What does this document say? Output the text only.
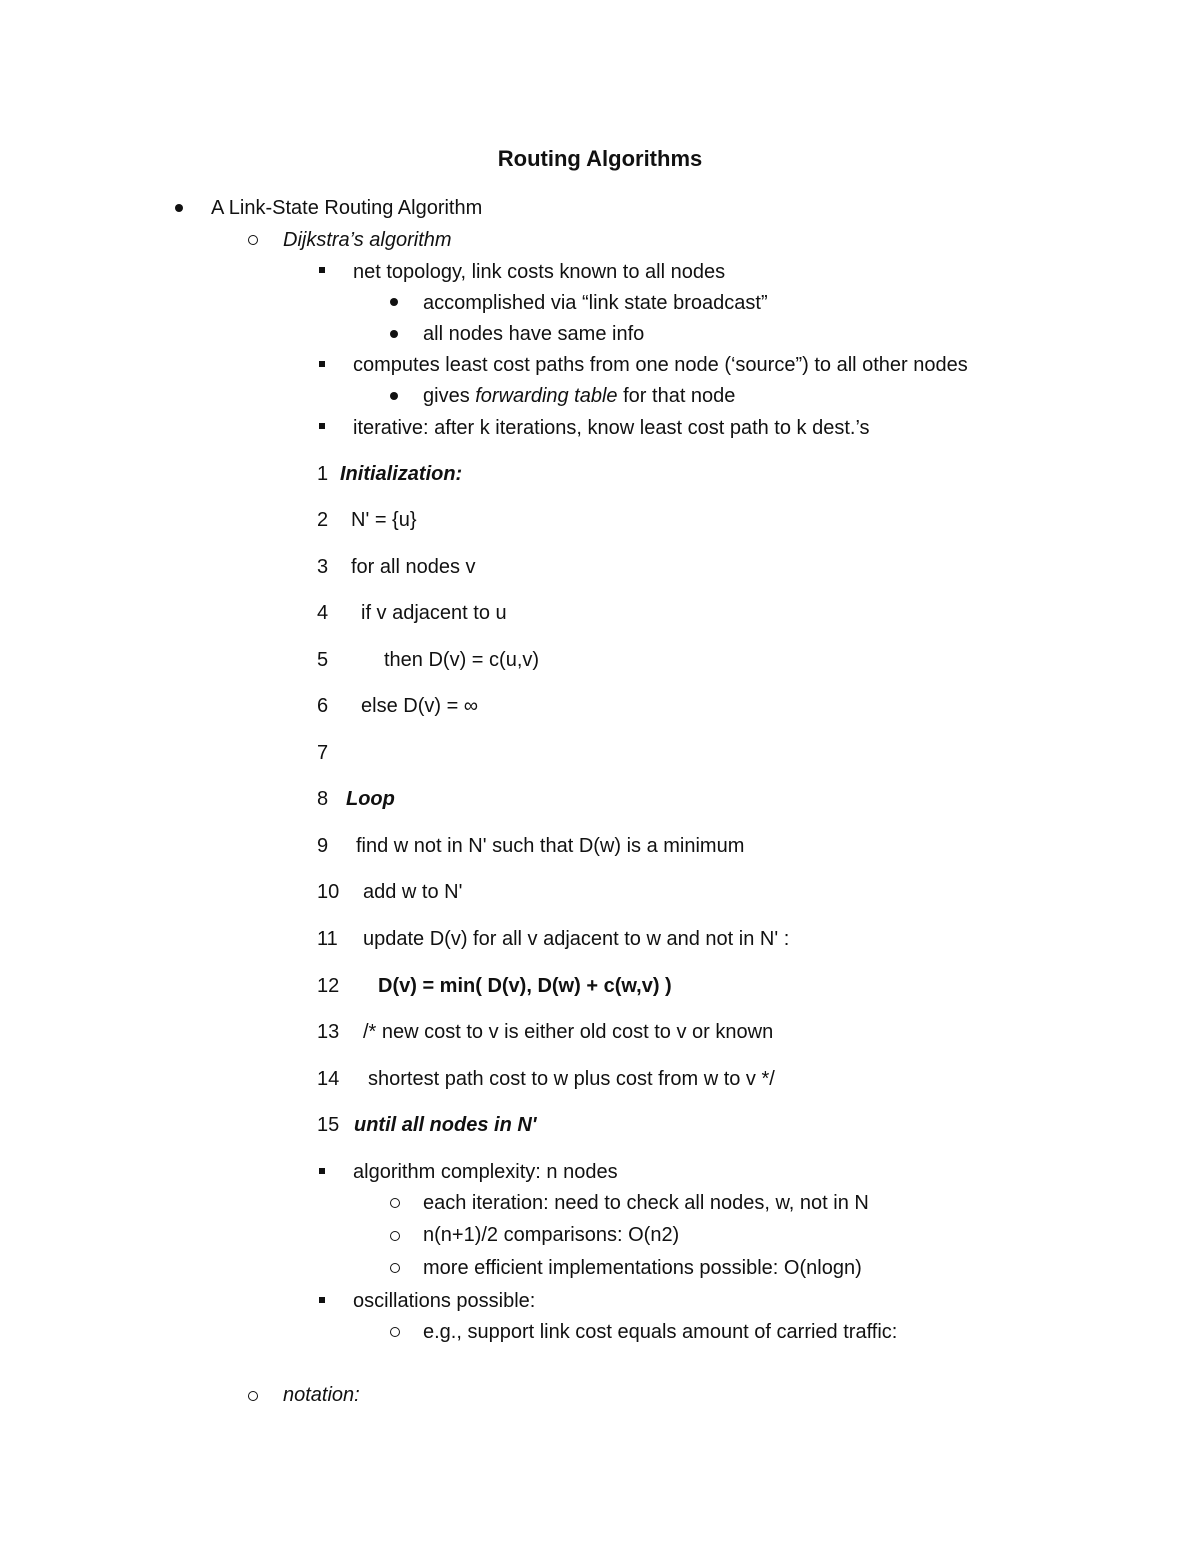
Routing Algorithms
A Link-State Routing Algorithm
Dijkstra’s algorithm
net topology, link costs known to all nodes
accomplished via “link state broadcast”
all nodes have same info
computes least cost paths from one node (‘source”) to all other nodes
gives forwarding table for that node
iterative: after k iterations, know least cost path to k dest.’s
1 Initialization:
2 N' = {u}
3 for all nodes v
4 if v adjacent to u
5	then D(v) = c(u,v)
6 else D(v) = ∞
7
8 Loop
9 find w not in N' such that D(w) is a minimum
10 add w to N'
11 update D(v) for all v adjacent to w and not in N' :
12 D(v) = min( D(v), D(w) + c(w,v) )
13 /* new cost to v is either old cost to v or known
14 shortest path cost to w plus cost from w to v */
15 until all nodes in N'
algorithm complexity: n nodes
each iteration: need to check all nodes, w, not in N
n(n+1)/2 comparisons: O(n2)
more efficient implementations possible: O(nlogn)
oscillations possible:
e.g., support link cost equals amount of carried traffic:
notation:
